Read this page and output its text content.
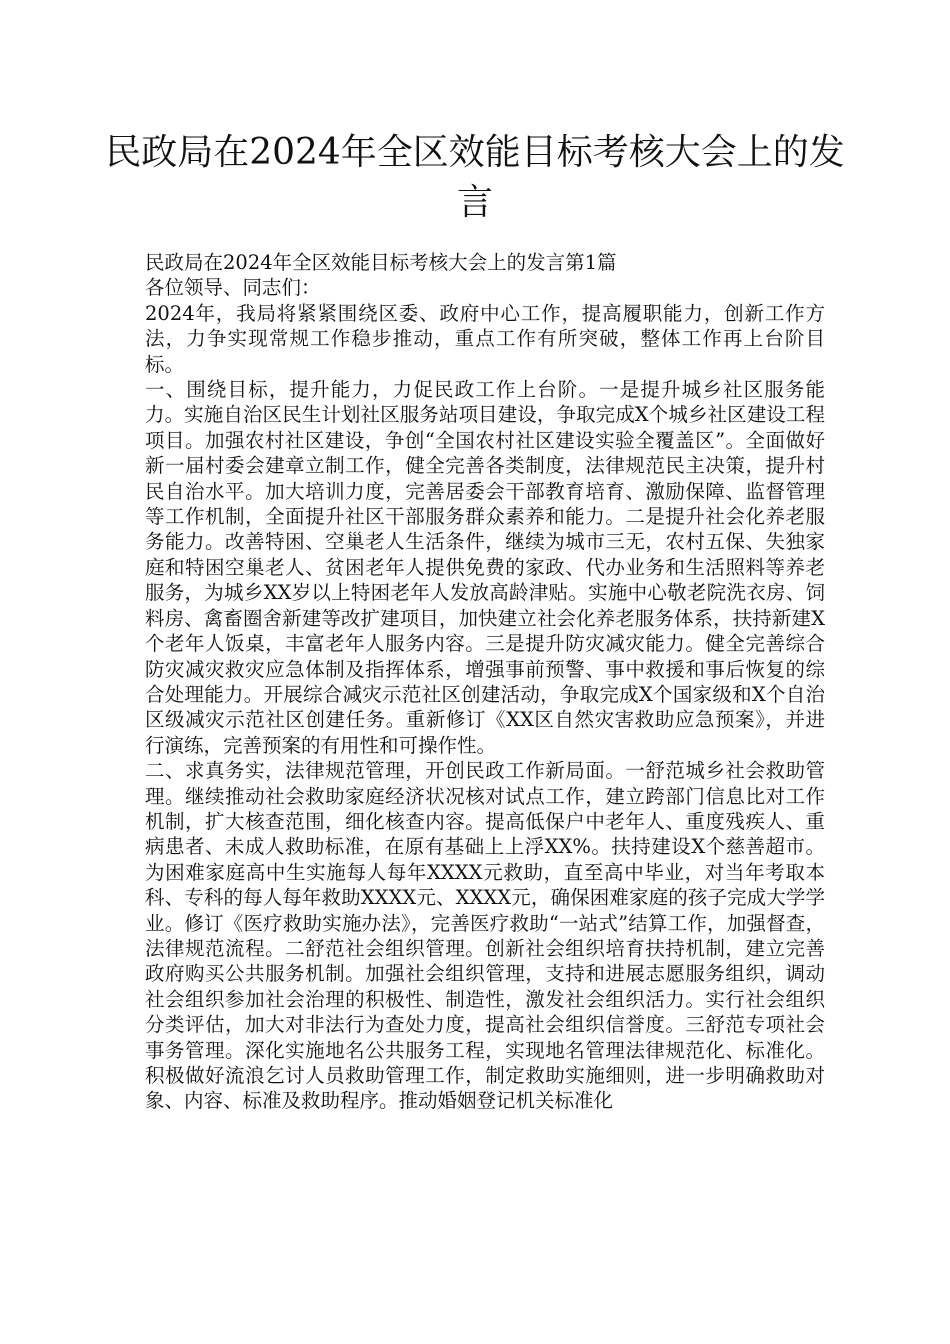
民政局在2024年全区效能目标考核大会上的发言

民政局在2024年全区效能目标考核大会上的发言第1篇

各位领导、同志们：

2024年，我局将紧紧围绕区委、政府中心工作，提高履职能力，创新工作方法，力争实现常规工作稳步推动，重点工作有所突破，整体工作再上台阶目标。

一、围绕目标，提升能力，力促民政工作上台阶。一是提升城乡社区服务能力。实施自治区民生计划社区服务站项目建设，争取完成X个城乡社区建设工程项目。加强农村社区建设，争创“全国农村社区建设实验全覆盖区”。全面做好新一届村委会建章立制工作，健全完善各类制度，法律规范民主决策，提升村民自治水平。加大培训力度，完善居委会干部教育培育、激励保障、监督管理等工作机制，全面提升社区干部服务群众素养和能力。二是提升社会化养老服务能力。改善特困、空巢老人生活条件，继续为城市三无，农村五保、失独家庭和特困空巢老人、贫困老年人提供免费的家政、代办业务和生活照料等养老服务，为城乡XX岁以上特困老年人发放高龄津贴。实施中心敬老院洗衣房、饲料房、禽畜圈舍新建等改扩建项目，加快建立社会化养老服务体系，扶持新建X个老年人饭桌，丰富老年人服务内容。三是提升防灾减灾能力。健全完善综合防灾减灾救灾应急体制及指挥体系，增强事前预警、事中救援和事后恢复的综合处理能力。开展综合减灾示范社区创建活动，争取完成X个国家级和X个自治区级减灾示范社区创建任务。重新修订《XX区自然灾害救助应急预案》，并进行演练，完善预案的有用性和可操作性。

二、求真务实，法律规范管理，开创民政工作新局面。一舒范城乡社会救助管理。继续推动社会救助家庭经济状况核对试点工作，建立跨部门信息比对工作机制，扩大核查范围，细化核查内容。提高低保户中老年人、重度残疾人、重病患者、未成人救助标准，在原有基础上上浮XX%。扶持建设X个慈善超市。为困难家庭高中生实施每人每年XXXX元救助，直至高中毕业，对当年考取本科、专科的每人每年救助XXXX元、XXXX元，确保困难家庭的孩子完成大学学业。修订《医疗救助实施办法》，完善医疗救助“一站式”结算工作，加强督查，法律规范流程。二舒范社会组织管理。创新社会组织培育扶持机制，建立完善政府购买公共服务机制。加强社会组织管理，支持和进展志愿服务组织，调动社会组织参加社会治理的积极性、制造性，激发社会组织活力。实行社会组织分类评估，加大对非法行为查处力度，提高社会组织信誉度。三舒范专项社会事务管理。深化实施地名公共服务工程，实现地名管理法律规范化、标准化。积极做好流浪乞讨人员救助管理工作，制定救助实施细则，进一步明确救助对象、内容、标准及救助程序。推动婚姻登记机关标准化
